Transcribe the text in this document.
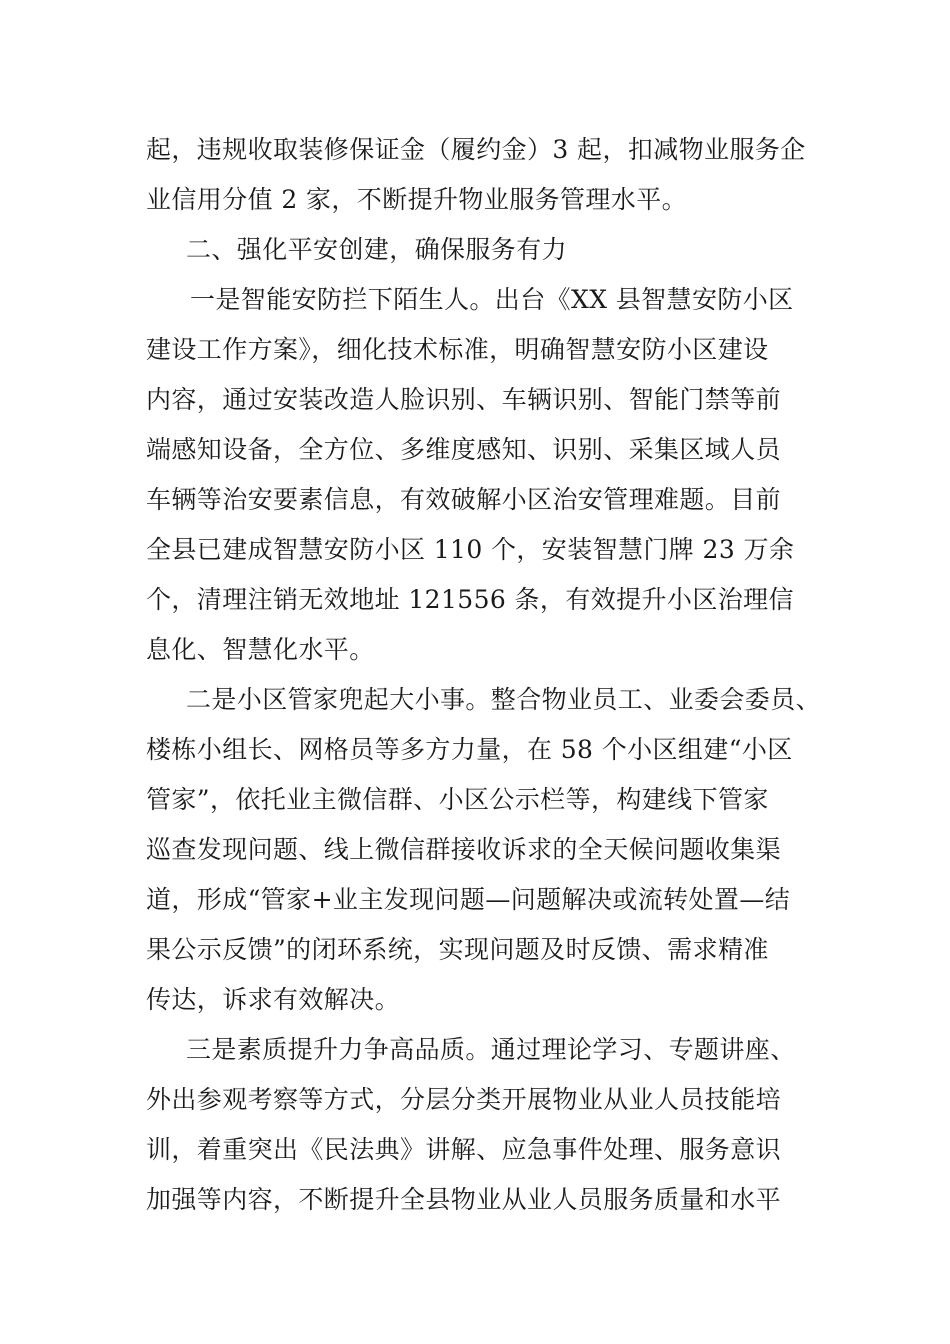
起，违规收取装修保证金（履约金）3 起，扣减物业服务企
业信用分值 2 家，不断提升物业服务管理水平。
二、强化平安创建，确保服务有力
一是智能安防拦下陌生人。出台《XX 县智慧安防小区
建设工作方案》，细化技术标准，明确智慧安防小区建设
内容，通过安装改造人脸识别、车辆识别、智能门禁等前
端感知设备，全方位、多维度感知、识别、采集区域人员
车辆等治安要素信息，有效破解小区治安管理难题。目前
全县已建成智慧安防小区 110 个，安装智慧门牌 23 万余
个，清理注销无效地址 121556 条，有效提升小区治理信
息化、智慧化水平。
二是小区管家兜起大小事。整合物业员工、业委会委员、
楼栋小组长、网格员等多方力量，在 58 个小区组建“小区
管家”，依托业主微信群、小区公示栏等，构建线下管家
巡查发现问题、线上微信群接收诉求的全天候问题收集渠
道，形成“管家+业主发现问题—问题解决或流转处置—结
果公示反馈”的闭环系统，实现问题及时反馈、需求精准
传达，诉求有效解决。
三是素质提升力争高品质。通过理论学习、专题讲座、
外出参观考察等方式，分层分类开展物业从业人员技能培
训，着重突出《民法典》讲解、应急事件处理、服务意识
加强等内容，不断提升全县物业从业人员服务质量和水平
